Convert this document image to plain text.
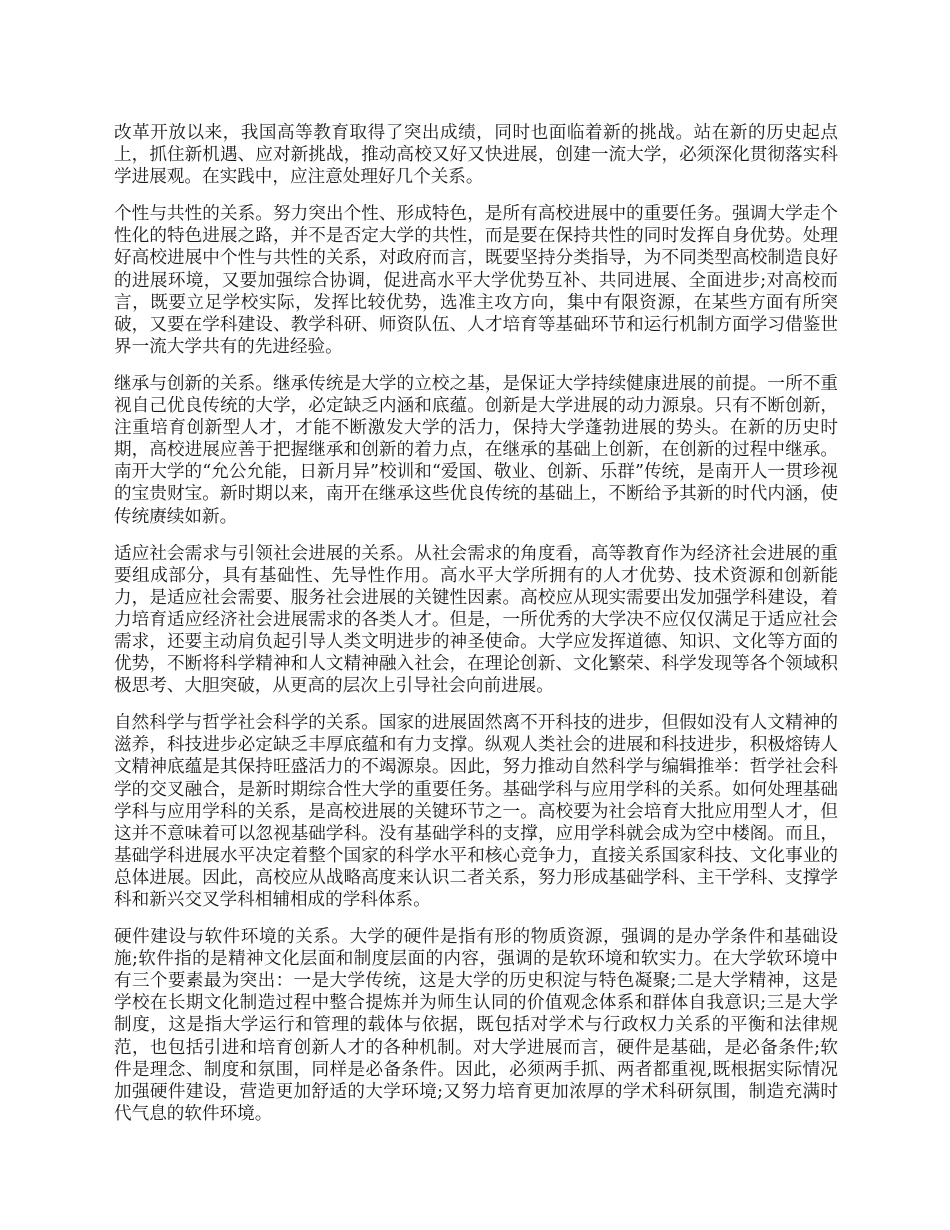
改革开放以来，我国高等教育取得了突出成绩，同时也面临着新的挑战。站在新的历史起点上，抓住新机遇、应对新挑战，推动高校又好又快进展，创建一流大学，必须深化贯彻落实科学进展观。在实践中，应注意处理好几个关系。

个性与共性的关系。努力突出个性、形成特色，是所有高校进展中的重要任务。强调大学走个性化的特色进展之路，并不是否定大学的共性，而是要在保持共性的同时发挥自身优势。处理好高校进展中个性与共性的关系，对政府而言，既要坚持分类指导，为不同类型高校制造良好的进展环境，又要加强综合协调，促进高水平大学优势互补、共同进展、全面进步;对高校而言，既要立足学校实际，发挥比较优势，选准主攻方向，集中有限资源，在某些方面有所突破，又要在学科建设、教学科研、师资队伍、人才培育等基础环节和运行机制方面学习借鉴世界一流大学共有的先进经验。

继承与创新的关系。继承传统是大学的立校之基，是保证大学持续健康进展的前提。一所不重视自己优良传统的大学，必定缺乏内涵和底蕴。创新是大学进展的动力源泉。只有不断创新，注重培育创新型人才，才能不断激发大学的活力，保持大学蓬勃进展的势头。在新的历史时期，高校进展应善于把握继承和创新的着力点，在继承的基础上创新，在创新的过程中继承。南开大学的“允公允能，日新月异”校训和“爱国、敬业、创新、乐群”传统，是南开人一贯珍视的宝贵财宝。新时期以来，南开在继承这些优良传统的基础上，不断给予其新的时代内涵，使传统赓续如新。

适应社会需求与引领社会进展的关系。从社会需求的角度看，高等教育作为经济社会进展的重要组成部分，具有基础性、先导性作用。高水平大学所拥有的人才优势、技术资源和创新能力，是适应社会需要、服务社会进展的关键性因素。高校应从现实需要出发加强学科建设，着力培育适应经济社会进展需求的各类人才。但是，一所优秀的大学决不应仅仅满足于适应社会需求，还要主动肩负起引导人类文明进步的神圣使命。大学应发挥道德、知识、文化等方面的优势，不断将科学精神和人文精神融入社会，在理论创新、文化繁荣、科学发现等各个领域积极思考、大胆突破，从更高的层次上引导社会向前进展。

自然科学与哲学社会科学的关系。国家的进展固然离不开科技的进步，但假如没有人文精神的滋养，科技进步必定缺乏丰厚底蕴和有力支撑。纵观人类社会的进展和科技进步，积极熔铸人文精神底蕴是其保持旺盛活力的不竭源泉。因此，努力推动自然科学与编辑推举：哲学社会科学的交叉融合，是新时期综合性大学的重要任务。基础学科与应用学科的关系。如何处理基础学科与应用学科的关系，是高校进展的关键环节之一。高校要为社会培育大批应用型人才，但这并不意味着可以忽视基础学科。没有基础学科的支撑，应用学科就会成为空中楼阁。而且，基础学科进展水平决定着整个国家的科学水平和核心竞争力，直接关系国家科技、文化事业的总体进展。因此，高校应从战略高度来认识二者关系，努力形成基础学科、主干学科、支撑学科和新兴交叉学科相辅相成的学科体系。

硬件建设与软件环境的关系。大学的硬件是指有形的物质资源，强调的是办学条件和基础设施;软件指的是精神文化层面和制度层面的内容，强调的是软环境和软实力。在大学软环境中有三个要素最为突出：一是大学传统，这是大学的历史积淀与特色凝聚;二是大学精神，这是学校在长期文化制造过程中整合提炼并为师生认同的价值观念体系和群体自我意识;三是大学制度，这是指大学运行和管理的载体与依据，既包括对学术与行政权力关系的平衡和法律规范，也包括引进和培育创新人才的各种机制。对大学进展而言，硬件是基础，是必备条件;软件是理念、制度和氛围，同样是必备条件。因此，必须两手抓、两者都重视,既根据实际情况加强硬件建设，营造更加舒适的大学环境;又努力培育更加浓厚的学术科研氛围，制造充满时代气息的软件环境。
